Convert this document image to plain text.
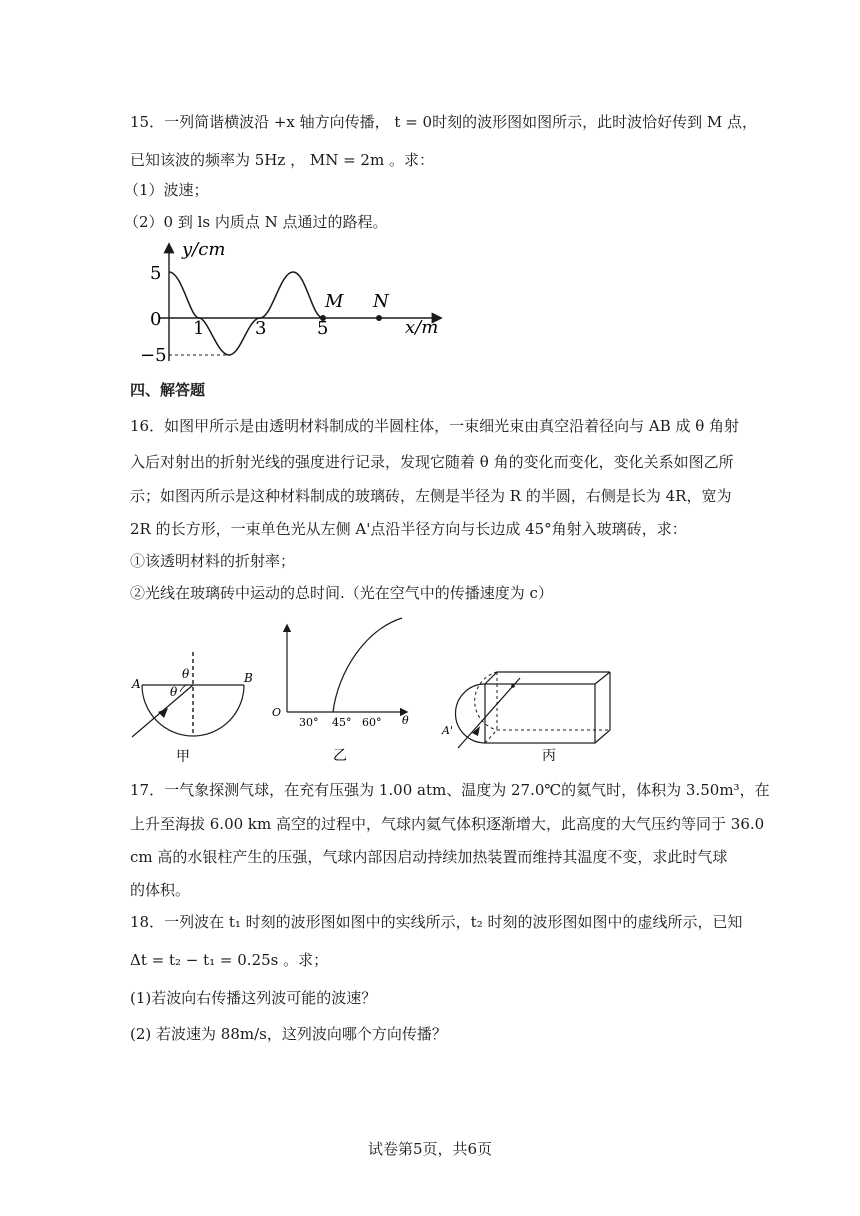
15．一列简谐横波沿 +x 轴方向传播， t = 0时刻的波形图如图所示，此时波恰好传到 M 点，
已知该波的频率为 5Hz ， MN = 2m 。求：
（1）波速；
（2）0 到 ls 内质点 N 点通过的路程。
y/cm
x/m
5
0
−5
1	3	5
M N
四、解答题
16．如图甲所示是由透明材料制成的半圆柱体，一束细光束由真空沿着径向与 AB 成 θ 角射
入后对射出的折射光线的强度进行记录，发现它随着 θ 角的变化而变化，变化关系如图乙所
示；如图丙所示是这种材料制成的玻璃砖，左侧是半径为 R 的半圆，右侧是长为 4R，宽为
2R 的长方形，一束单色光从左侧 A'点沿半径方向与长边成 45°角射入玻璃砖，求：
①该透明材料的折射率；
②光线在玻璃砖中运动的总时间.（光在空气中的传播速度为 c）
A	B
θ
θ
甲
O
30° 45° 60° θ
乙
A'
丙
17．一气象探测气球，在充有压强为 1.00 atm、温度为 27.0℃的氦气时，体积为 3.50m³，在
上升至海拔 6.00 km 高空的过程中，气球内氦气体积逐渐增大，此高度的大气压约等同于 36.0
cm 高的水银柱产生的压强，气球内部因启动持续加热装置而维持其温度不变，求此时气球
的体积。
18．一列波在 t₁ 时刻的波形图如图中的实线所示，t₂ 时刻的波形图如图中的虚线所示，已知
Δt = t₂ − t₁ = 0.25s 。求；
(1)若波向右传播这列波可能的波速？
(2) 若波速为 88m/s，这列波向哪个方向传播？
试卷第5页，共6页
